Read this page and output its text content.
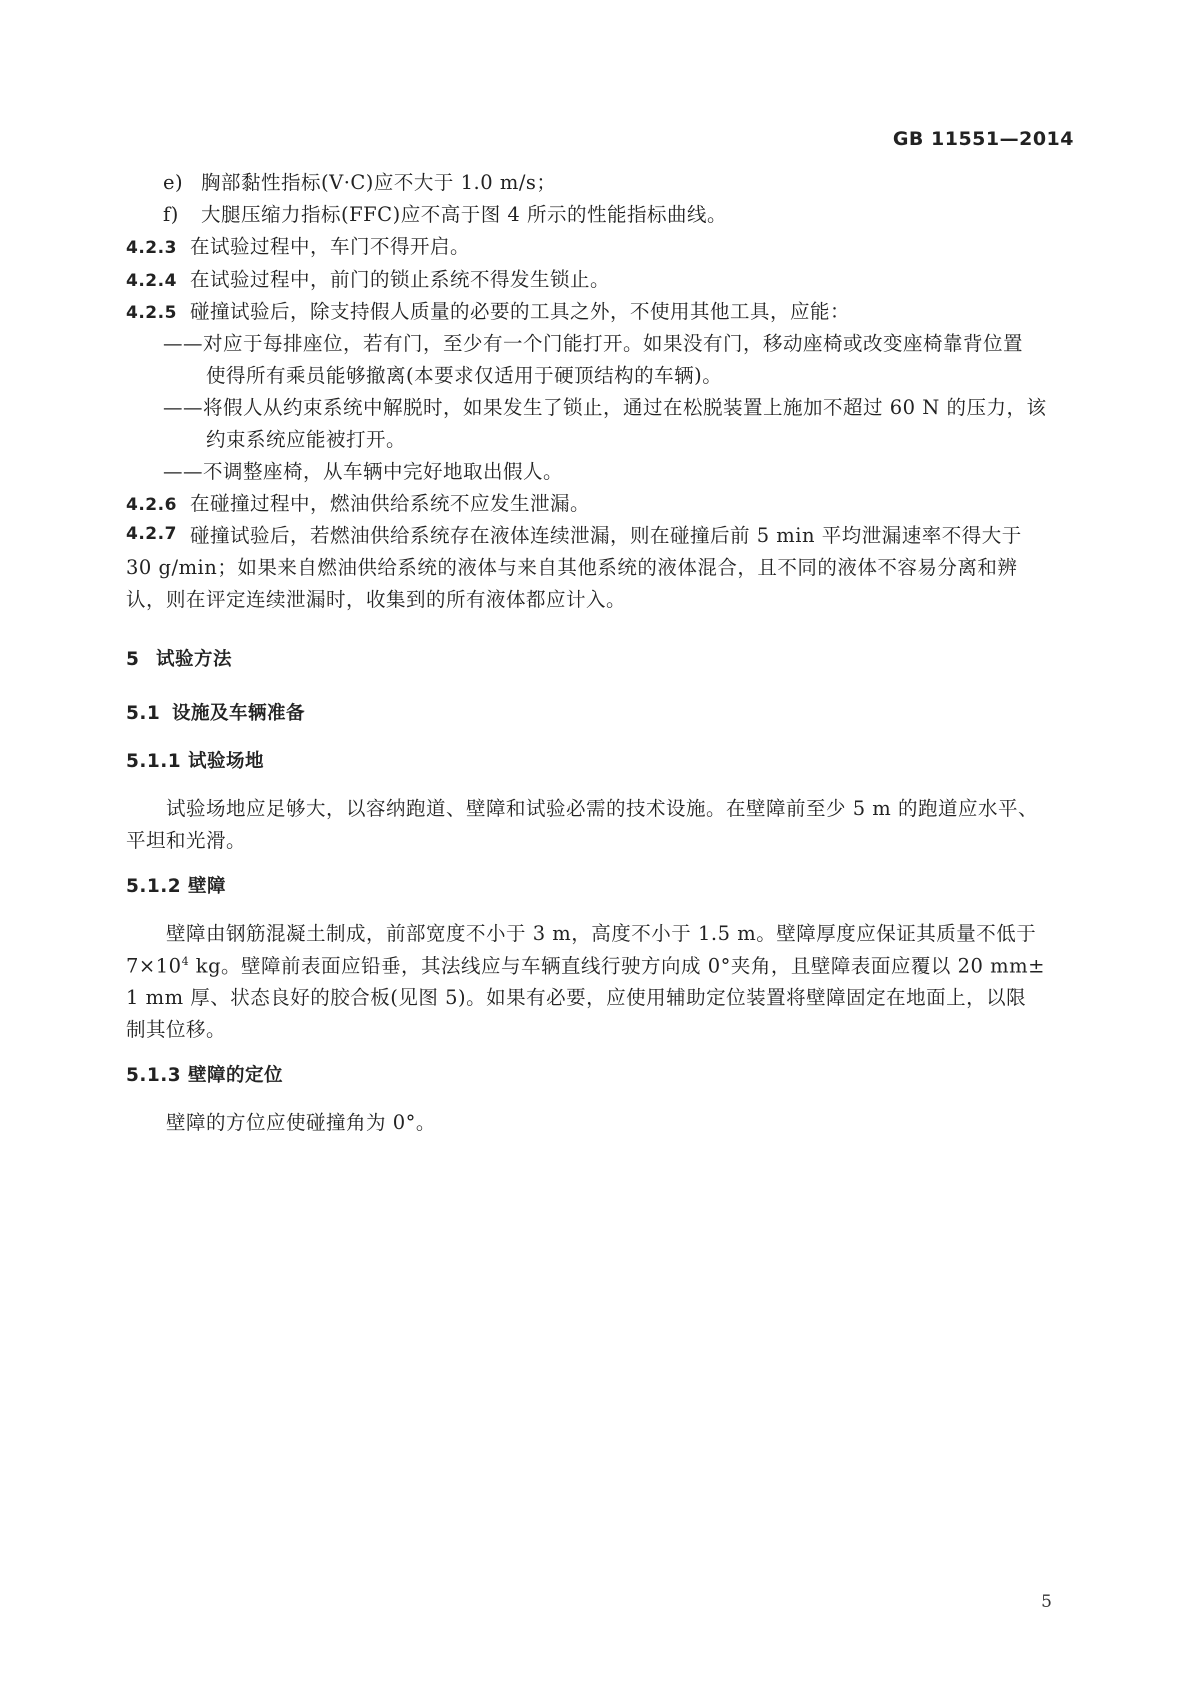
GB 11551—2014
e) 胸部黏性指标(V·C)应不大于 1.0 m/s；
f) 大腿压缩力指标(FFC)应不高于图 4 所示的性能指标曲线。
4.2.3 在试验过程中，车门不得开启。
4.2.4 在试验过程中，前门的锁止系统不得发生锁止。
4.2.5 碰撞试验后，除支持假人质量的必要的工具之外，不使用其他工具，应能：
——对应于每排座位，若有门，至少有一个门能打开。如果没有门，移动座椅或改变座椅靠背位置
使得所有乘员能够撤离(本要求仅适用于硬顶结构的车辆)。
——将假人从约束系统中解脱时，如果发生了锁止，通过在松脱装置上施加不超过 60 N 的压力，该
约束系统应能被打开。
——不调整座椅，从车辆中完好地取出假人。
4.2.6 在碰撞过程中，燃油供给系统不应发生泄漏。
4.2.7 碰撞试验后，若燃油供给系统存在液体连续泄漏，则在碰撞后前 5 min 平均泄漏速率不得大于
30 g/min；如果来自燃油供给系统的液体与来自其他系统的液体混合，且不同的液体不容易分离和辨
认，则在评定连续泄漏时，收集到的所有液体都应计入。
5 试验方法
5.1 设施及车辆准备
5.1.1 试验场地
试验场地应足够大，以容纳跑道、壁障和试验必需的技术设施。在壁障前至少 5 m 的跑道应水平、
平坦和光滑。
5.1.2 壁障
壁障由钢筋混凝土制成，前部宽度不小于 3 m，高度不小于 1.5 m。壁障厚度应保证其质量不低于
$7\times 10^4$ kg。壁障前表面应铅垂，其法线应与车辆直线行驶方向成 0°夹角，且壁障表面应覆以 20 mm±
1 mm 厚、状态良好的胶合板(见图 5)。如果有必要，应使用辅助定位装置将壁障固定在地面上，以限
制其位移。
5.1.3 壁障的定位
壁障的方位应使碰撞角为 0°。
5
